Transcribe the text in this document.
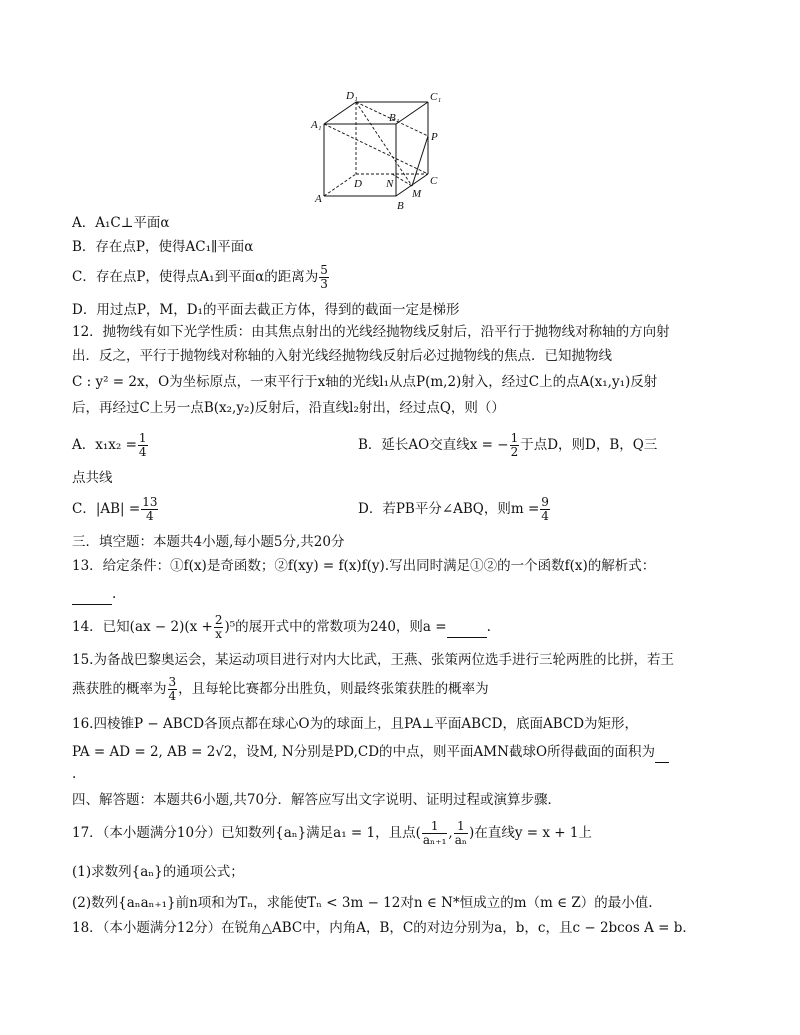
D₁	C₁
A₁
B₁
P
C
D N
M
A
B
A．A₁C⊥平面α
B．存在点P，使得AC₁∥平面α
C．存在点P，使得点A₁到平面α的距离为 $\frac{5}{3}$
D．用过点P，M，D₁的平面去截正方体，得到的截面一定是梯形
12．抛物线有如下光学性质：由其焦点射出的光线经抛物线反射后，沿平行于抛物线对称轴的方向射
出．反之，平行于抛物线对称轴的入射光线经抛物线反射后必过抛物线的焦点．已知抛物线
C : y² = 2x，O为坐标原点，一束平行于x轴的光线l₁从点P(m,2)射入，经过C上的点A(x₁,y₁)反射
后，再经过C上另一点B(x₂,y₂)反射后，沿直线l₂射出，经过点Q，则（）
A．$x_1x_2 = \frac{1}{4}$	B．延长AO交直线x = − $\frac{1}{2}$ 于点D，则D，B，Q三
点共线
C．$|AB| = \frac{13}{4}$	D．若PB平分∠ABQ，则$m = \frac{9}{4}$
三．填空题：本题共4小题,每小题5分,共20分
13．给定条件：①f(x)是奇函数；②f(xy) = f(x)f(y).写出同时满足①②的一个函数f(x)的解析式：
.
14．已知$(ax - 2)(x + \frac{2}{x} )^5$的展开式中的常数项为240，则a =	.
15.为备战巴黎奥运会，某运动项目进行对内大比武，王燕、张策两位选手进行三轮两胜的比拼，若王
燕获胜的概率为 $\frac{3}{4}$ ，且每轮比赛都分出胜负，则最终张策获胜的概率为
16.四棱锥P − ABCD各顶点都在球心O为的球面上，且PA⊥平面ABCD，底面ABCD为矩形，
PA = AD = 2, AB = 2√2，设M, N分别是PD,CD的中点，则平面AMN截球O所得截面的面积为
.
四、解答题：本题共6小题,共70分．解答应写出文字说明、证明过程或演算步骤．
17．（本小题满分10分）已知数列{aₙ}满足a₁ = 1，且点( $\frac{1}{\text{aₙ₊₁}}$ , $\frac{1}{\text{aₙ}}$ )在直线y = x + 1上
(1)求数列{aₙ}的通项公式；
(2)数列{aₙaₙ₊₁}前n项和为Tₙ，求能使Tₙ < 3m − 12对n ∈ N*恒成立的m（m ∈ Z）的最小值.
18．（本小题满分12分）在锐角△ABC中，内角A，B，C的对边分别为a，b，c，且c − 2bcos A = b．
